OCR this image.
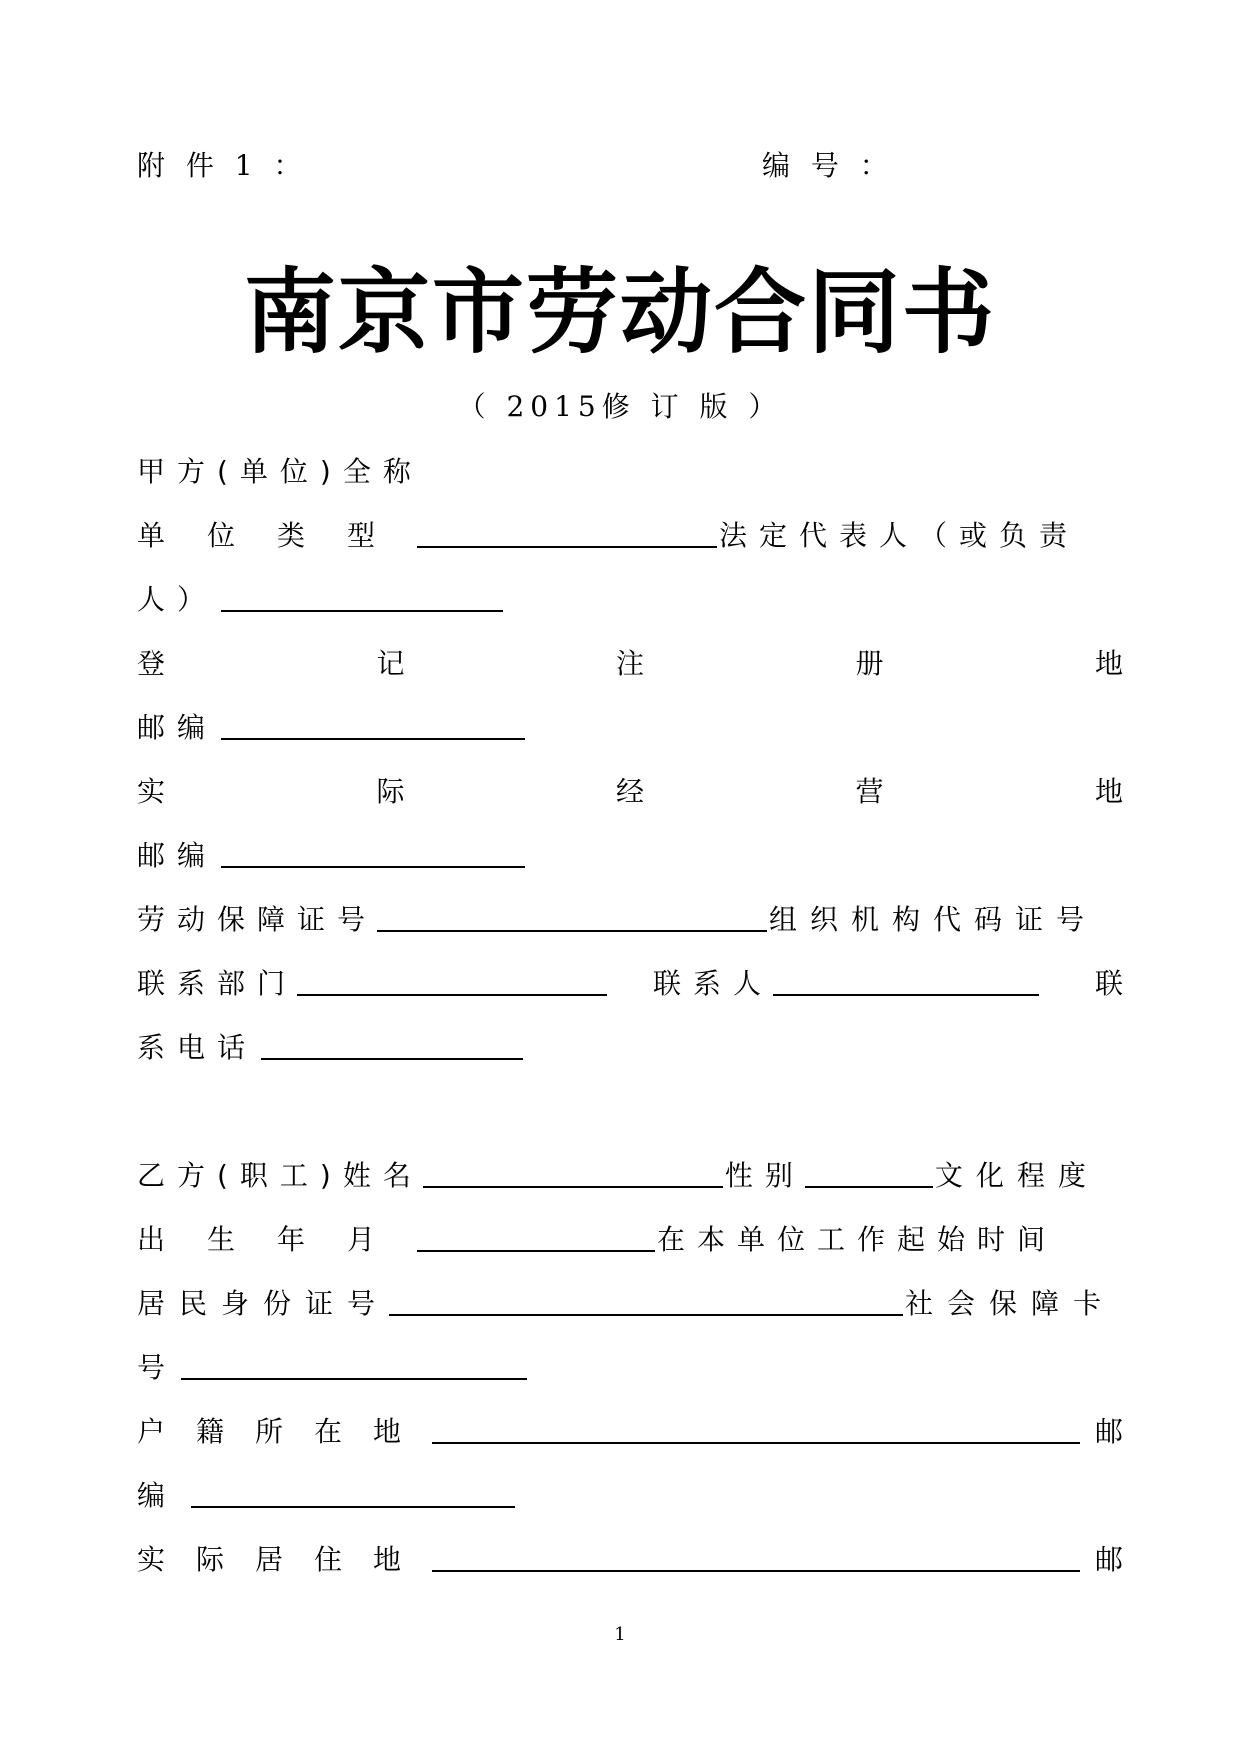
附 件 1 ：	编 号 ：
南京市劳动合同书
（ 2015修 订 版 ）
甲方(单位)全称
单位类型	法定代表人（或负责
人）
登	记	注	册	地
邮编
实	际	经	营	地
邮编
劳动保障证号	组织机构代码证号
联系部门	联系人	联
系电话
乙方(职工)姓名	性别	文化程度
出生年月	在本单位工作起始时间
居民身份证号	社会保障卡
号
户籍所在地	邮
编
实际居住地	邮
1
